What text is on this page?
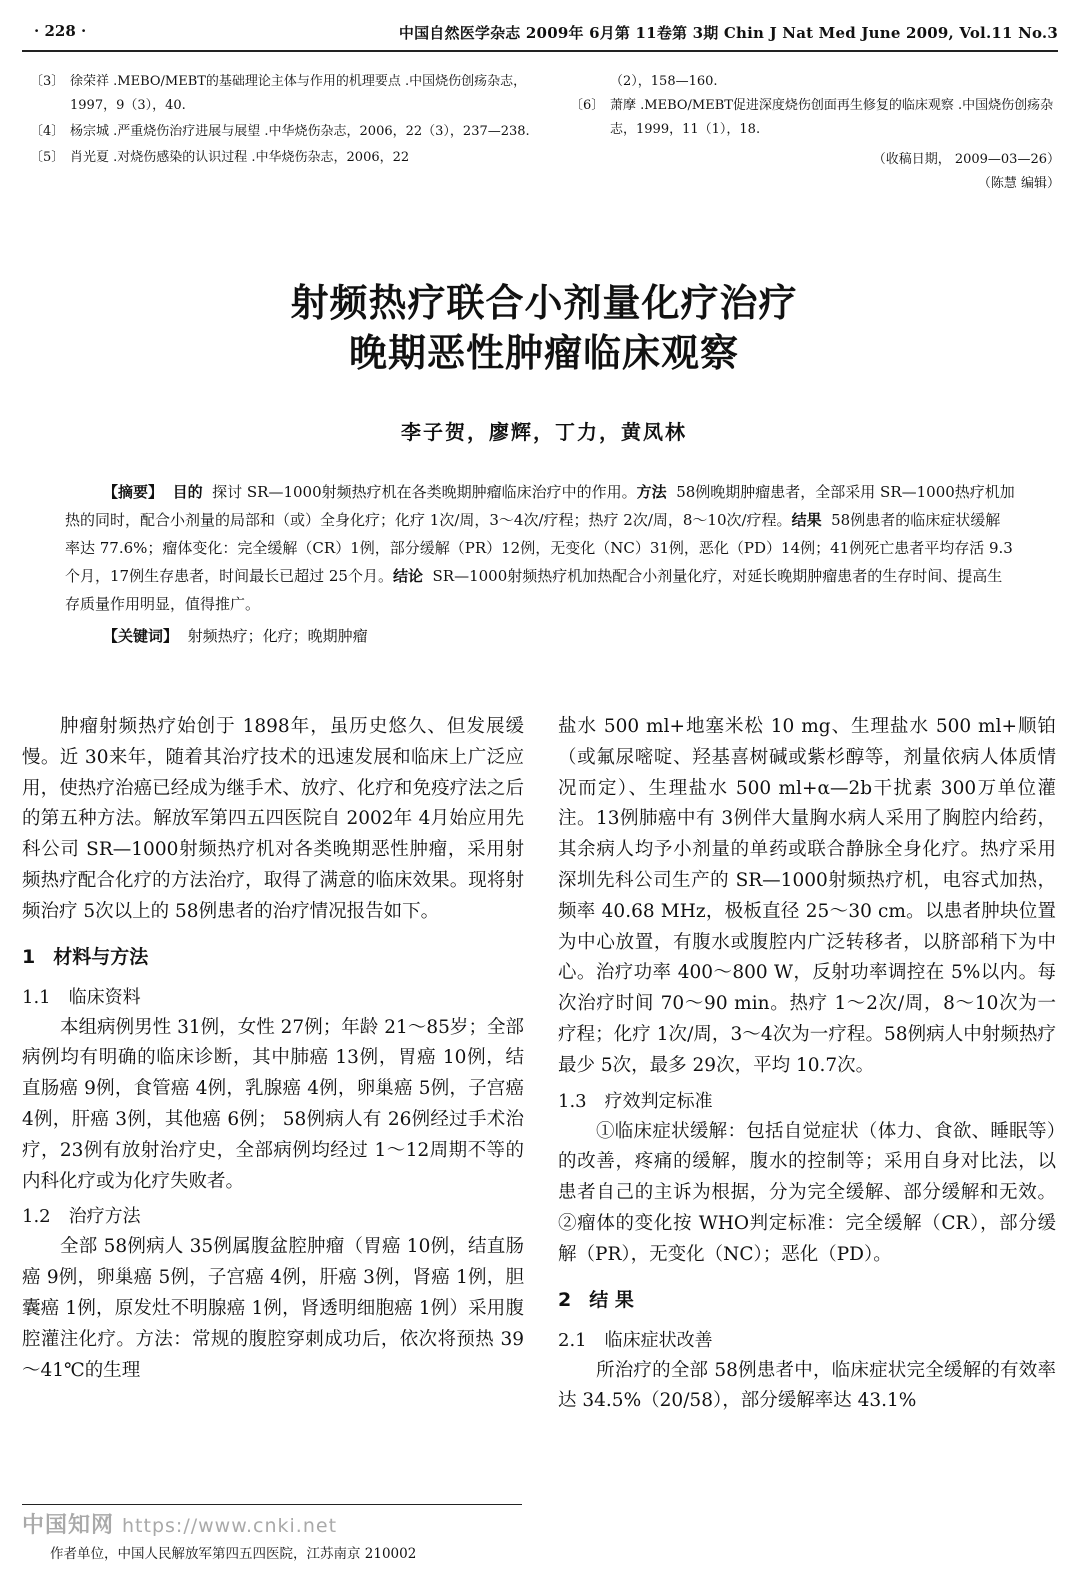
· 228 ·	中国自然医学杂志 2009年 6月第 11卷第 3期 Chin J Nat Med June 2009, Vol.11 No.3
〔3〕 徐荣祥 .MEBO/MEBT的基础理论主体与作用的机理要点 .中国烧伤创疡杂志，1997，9（3），40.
〔4〕 杨宗城 .严重烧伤治疗进展与展望 .中华烧伤杂志，2006，22（3），237—238.
〔5〕 肖光夏 .对烧伤感染的认识过程 .中华烧伤杂志，2006，22
（2），158—160.
〔6〕 萧摩 .MEBO/MEBT促进深度烧伤创面再生修复的临床观察 .中国烧伤创疡杂志，1999，11（1），18.
（收稿日期， 2009—03—26）
（陈慧 编辑）
射频热疗联合小剂量化疗治疗
晚期恶性肿瘤临床观察
李子贺，廖辉，丁力，黄凤林

【摘要】 目的 探讨 SR—1000射频热疗机在各类晚期肿瘤临床治疗中的作用。方法 58例晚期肿瘤患者，全部采用 SR—1000热疗机加热的同时，配合小剂量的局部和（或）全身化疗；化疗 1次/周，3～4次/疗程；热疗 2次/周，8～10次/疗程。结果 58例患者的临床症状缓解率达 77.6%；瘤体变化：完全缓解（CR）1例，部分缓解（PR）12例，无变化（NC）31例，恶化（PD）14例；41例死亡患者平均存活 9.3个月，17例生存患者，时间最长已超过 25个月。结论 SR—1000射频热疗机加热配合小剂量化疗，对延长晚期肿瘤患者的生存时间、提高生存质量作用明显，值得推广。

【关键词】 射频热疗；化疗；晚期肿瘤

肿瘤射频热疗始创于 1898年，虽历史悠久、但发展缓慢。近 30来年，随着其治疗技术的迅速发展和临床上广泛应用，使热疗治癌已经成为继手术、放疗、化疗和免疫疗法之后的第五种方法。解放军第四五四医院自 2002年 4月始应用先科公司 SR—1000射频热疗机对各类晚期恶性肿瘤，采用射频热疗配合化疗的方法治疗，取得了满意的临床效果。现将射频治疗 5次以上的 58例患者的治疗情况报告如下。

1 材料与方法
1.1 临床资料

本组病例男性 31例，女性 27例；年龄 21～85岁；全部病例均有明确的临床诊断，其中肺癌 13例，胃癌 10例，结直肠癌 9例，食管癌 4例，乳腺癌 4例，卵巢癌 5例，子宫癌 4例，肝癌 3例，其他癌 6例； 58例病人有 26例经过手术治疗，23例有放射治疗史，全部病例均经过 1～12周期不等的内科化疗或为化疗失败者。

1.2 治疗方法

全部 58例病人 35例属腹盆腔肿瘤（胃癌 10例，结直肠癌 9例，卵巢癌 5例，子宫癌 4例，肝癌 3例，肾癌 1例，胆囊癌 1例，原发灶不明腺癌 1例，肾透明细胞癌 1例）采用腹腔灌注化疗。方法：常规的腹腔穿刺成功后，依次将预热 39～41℃的生理

盐水 500 ml+地塞米松 10 mg、生理盐水 500 ml+顺铂（或氟尿嘧啶、羟基喜树碱或紫杉醇等，剂量依病人体质情况而定）、生理盐水 500 ml+α—2b干扰素 300万单位灌注。13例肺癌中有 3例伴大量胸水病人采用了胸腔内给药，其余病人均予小剂量的单药或联合静脉全身化疗。热疗采用深圳先科公司生产的 SR—1000射频热疗机，电容式加热，频率 40.68 MHz，极板直径 25～30 cm。以患者肿块位置为中心放置，有腹水或腹腔内广泛转移者，以脐部稍下为中心。治疗功率 400～800 W，反射功率调控在 5%以内。每次治疗时间 70～90 min。热疗 1～2次/周，8～10次为一疗程；化疗 1次/周，3～4次为一疗程。58例病人中射频热疗最少 5次，最多 29次，平均 10.7次。

1.3 疗效判定标准

①临床症状缓解：包括自觉症状（体力、食欲、睡眠等）的改善，疼痛的缓解，腹水的控制等；采用自身对比法，以患者自己的主诉为根据，分为完全缓解、部分缓解和无效。②瘤体的变化按 WHO判定标准：完全缓解（CR），部分缓解（PR），无变化（NC）；恶化（PD）。

2 结 果
2.1 临床症状改善

所治疗的全部 58例患者中，临床症状完全缓解的有效率达 34.5%（20/58），部分缓解率达 43.1%

中国知网 https://www.cnki.net
作者单位，中国人民解放军第四五四医院，江苏南京 210002
